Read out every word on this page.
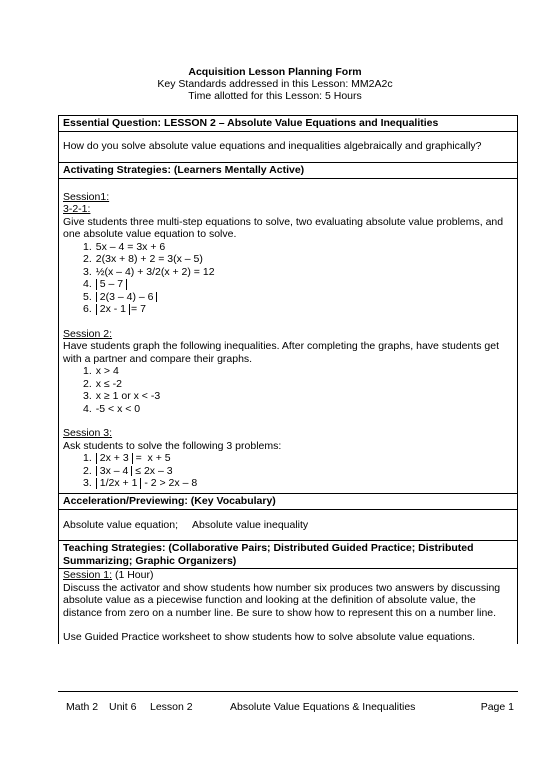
Acquisition Lesson Planning Form
Key Standards addressed in this Lesson: MM2A2c
Time allotted for this Lesson: 5 Hours
Essential Question: LESSON 2 – Absolute Value Equations and Inequalities
How do you solve absolute value equations and inequalities algebraically and graphically?
Activating Strategies: (Learners Mentally Active)
Session1:
3-2-1:
Give students three multi-step equations to solve, two evaluating absolute value problems, and one absolute value equation to solve.
1. 5x – 4 = 3x + 6
2. 2(3x + 8) + 2 = 3(x – 5)
3. ½(x – 4) + 3/2(x + 2) = 12
4. 5 – 7
5. 2(3 – 4) – 6
6. 2x - 1 = 7
Session 2:
Have students graph the following inequalities. After completing the graphs, have students get with a partner and compare their graphs.
1. x > 4
2. x ≤ -2
3. x ≥ 1 or x < -3
4. -5 < x < 0
Session 3:
Ask students to solve the following 3 problems:
1. 2x + 3 =  x + 5
2. 3x – 4 ≤ 2x – 3
3. 1/2x + 1 - 2 > 2x – 8
Acceleration/Previewing: (Key Vocabulary)
Absolute value equation;     Absolute value inequality
Teaching Strategies: (Collaborative Pairs; Distributed Guided Practice; Distributed Summarizing; Graphic Organizers)
Session 1: (1 Hour)
Discuss the activator and show students how number six produces two answers by discussing absolute value as a piecewise function and looking at the definition of absolute value, the distance from zero on a number line. Be sure to show how to represent this on a number line.
Use Guided Practice worksheet to show students how to solve absolute value equations.
Math 2 Unit 6 Lesson 2	Absolute Value Equations & Inequalities	Page 1
